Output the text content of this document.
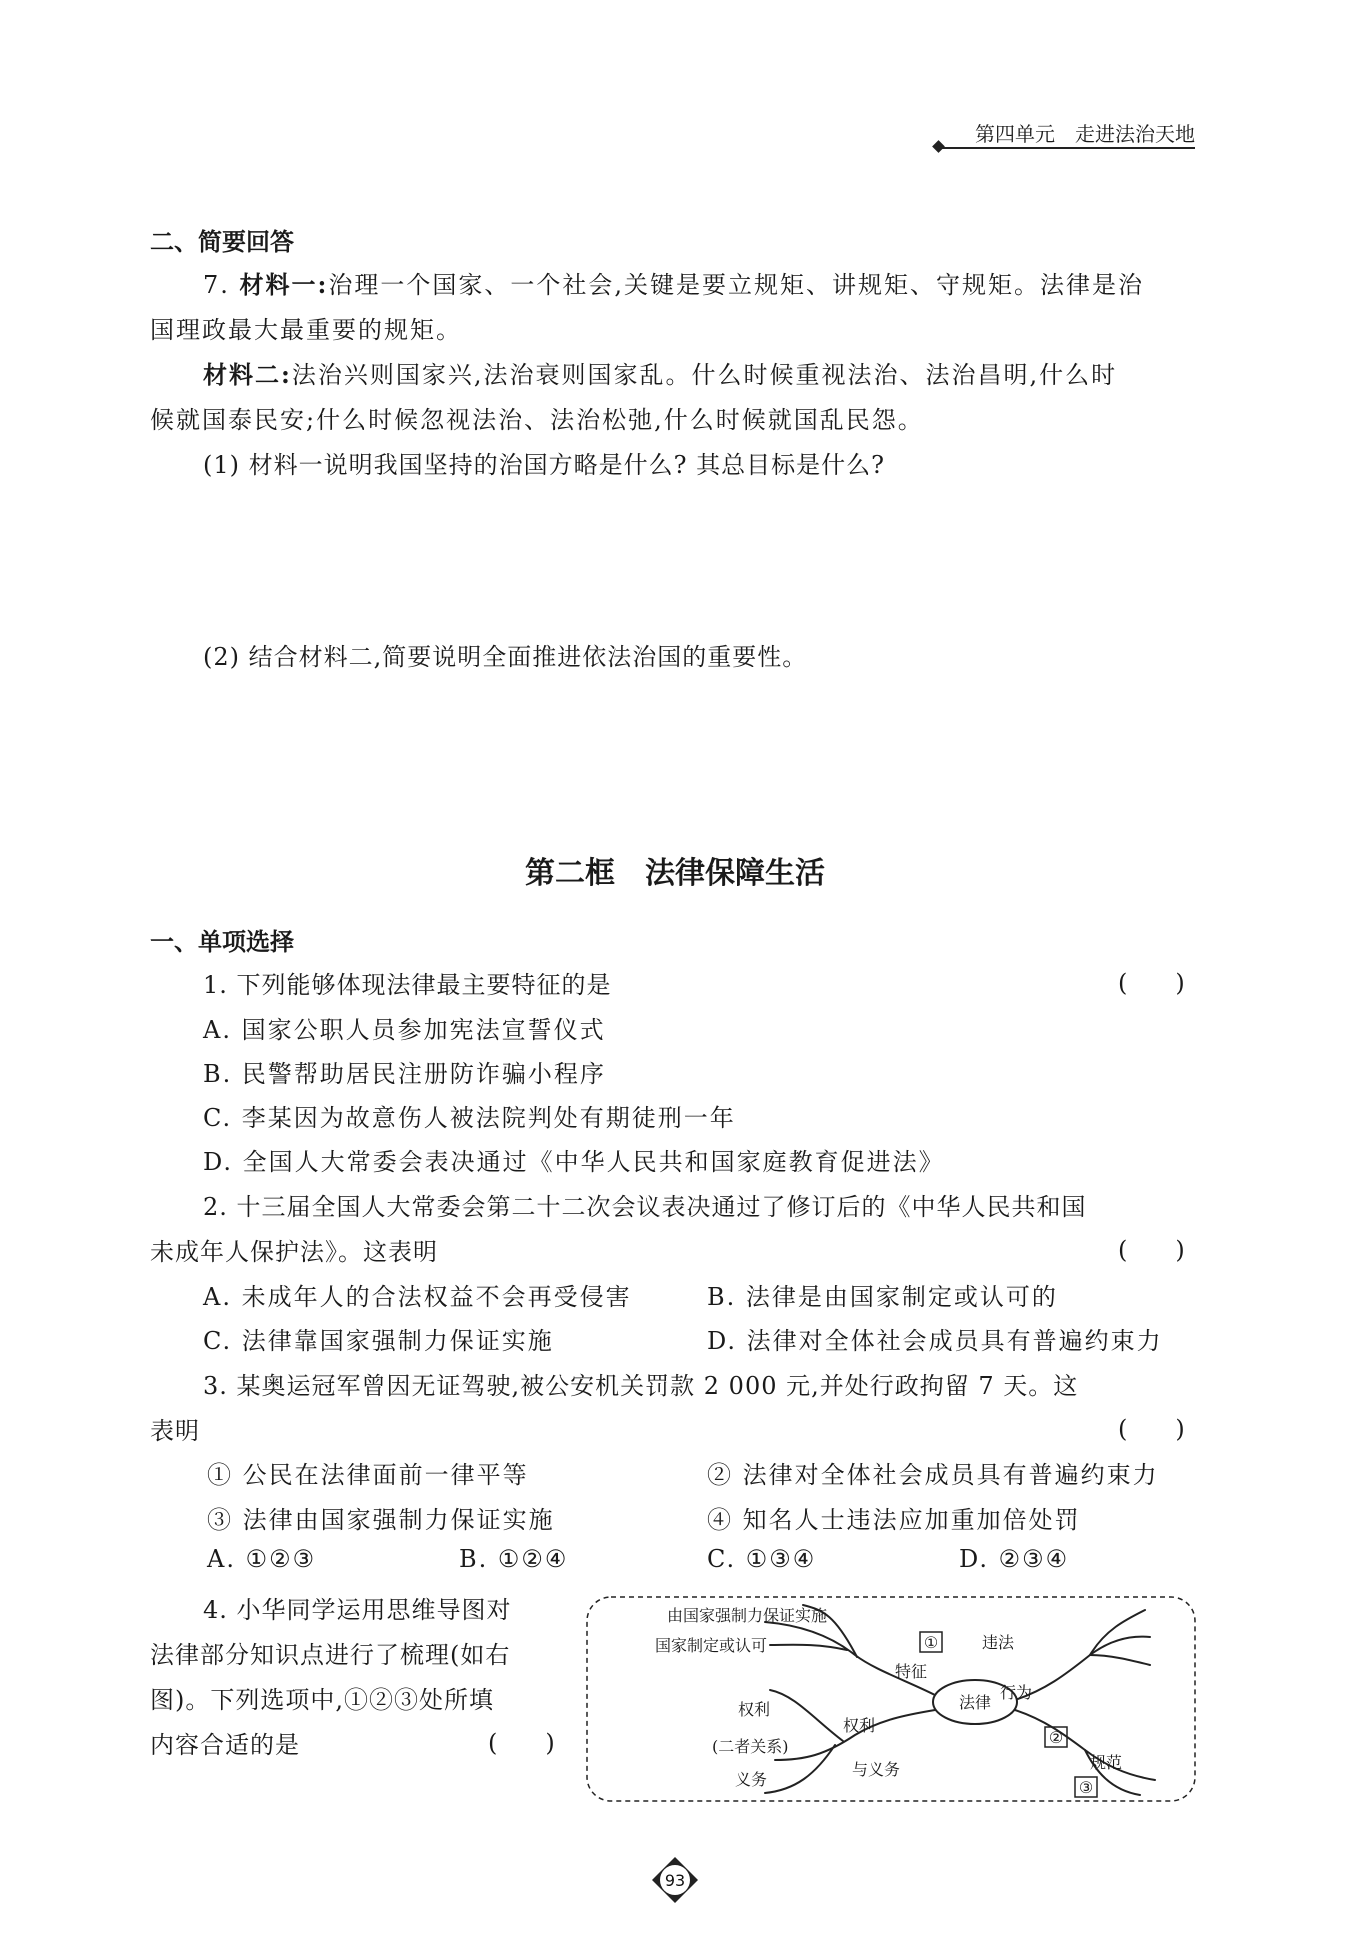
第四单元　走进法治天地
二、简要回答
7. 材料一:治理一个国家、一个社会,关键是要立规矩、讲规矩、守规矩。法律是治
国理政最大最重要的规矩。
材料二:法治兴则国家兴,法治衰则国家乱。什么时候重视法治、法治昌明,什么时
候就国泰民安;什么时候忽视法治、法治松弛,什么时候就国乱民怨。
(1) 材料一说明我国坚持的治国方略是什么? 其总目标是什么?
(2) 结合材料二,简要说明全面推进依法治国的重要性。
第二框　法律保障生活
一、单项选择
1. 下列能够体现法律最主要特征的是	(　　)
A. 国家公职人员参加宪法宣誓仪式
B. 民警帮助居民注册防诈骗小程序
C. 李某因为故意伤人被法院判处有期徒刑一年
D. 全国人大常委会表决通过《中华人民共和国家庭教育促进法》
2. 十三届全国人大常委会第二十二次会议表决通过了修订后的《中华人民共和国
未成年人保护法》。这表明	(　　)
A. 未成年人的合法权益不会再受侵害	B. 法律是由国家制定或认可的
C. 法律靠国家强制力保证实施	D. 法律对全体社会成员具有普遍约束力
3. 某奥运冠军曾因无证驾驶,被公安机关罚款 2 000 元,并处行政拘留 7 天。这
表明	(　　)
① 公民在法律面前一律平等	② 法律对全体社会成员具有普遍约束力
③ 法律由国家强制力保证实施	④ 知名人士违法应加重加倍处罚
A. ①②③	B. ①②④	C. ①③④	D. ②③④
4. 小华同学运用思维导图对
法律部分知识点进行了梳理(如右
图)。下列选项中,①②③处所填
内容合适的是	(　　)
法律
由国家强制力保证实施
国家制定或认可	①
特征
违法
行为
②
规范
③
权利
与义务
权利
(二者关系)
义务
93
